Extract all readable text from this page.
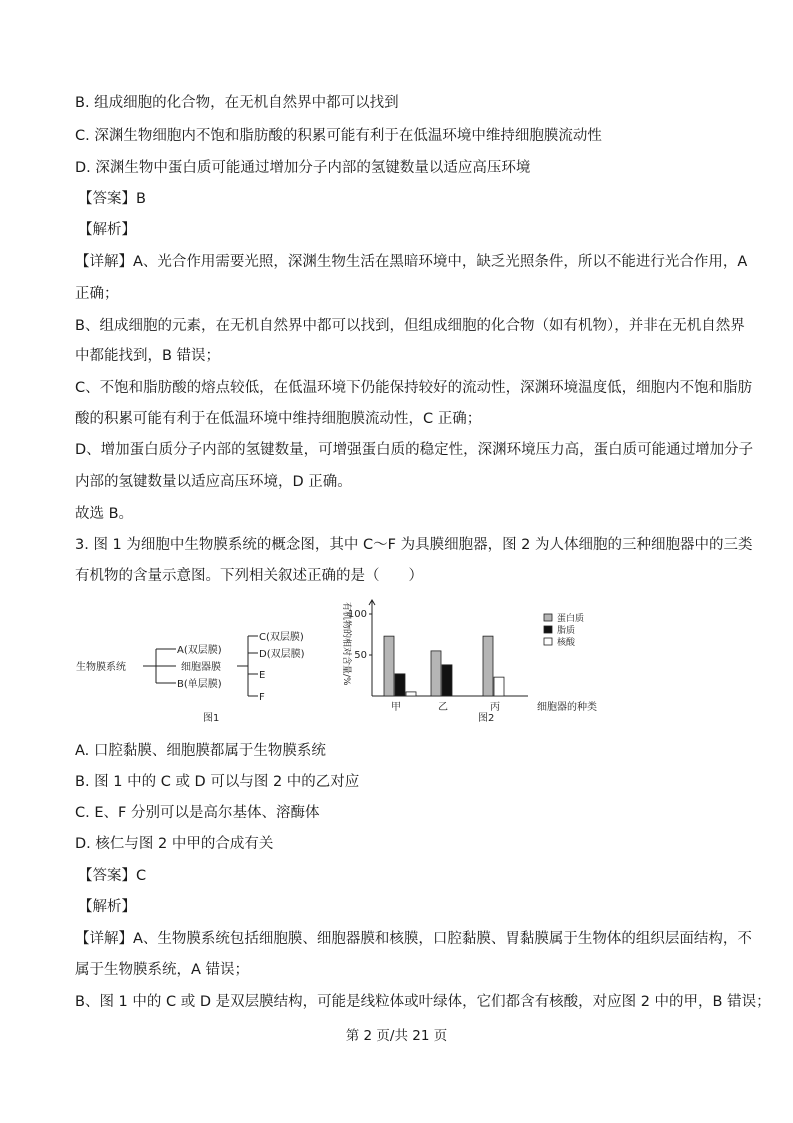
B. 组成细胞的化合物，在无机自然界中都可以找到
C. 深渊生物细胞内不饱和脂肪酸的积累可能有利于在低温环境中维持细胞膜流动性
D. 深渊生物中蛋白质可能通过增加分子内部的氢键数量以适应高压环境
【答案】B
【解析】
【详解】A、光合作用需要光照，深渊生物生活在黑暗环境中，缺乏光照条件，所以不能进行光合作用，A
正确；
B、组成细胞的元素，在无机自然界中都可以找到，但组成细胞的化合物（如有机物），并非在无机自然界
中都能找到，B 错误；
C、不饱和脂肪酸的熔点较低，在低温环境下仍能保持较好的流动性，深渊环境温度低，细胞内不饱和脂肪
酸的积累可能有利于在低温环境中维持细胞膜流动性，C 正确；
D、增加蛋白质分子内部的氢键数量，可增强蛋白质的稳定性，深渊环境压力高，蛋白质可能通过增加分子
内部的氢键数量以适应高压环境，D 正确。
故选 B。
3. 图 1 为细胞中生物膜系统的概念图，其中 C～F 为具膜细胞器，图 2 为人体细胞的三种细胞器中的三类
有机物的含量示意图。下列相关叙述正确的是（　　）
生物膜系统
A(双层膜)
细胞器膜
B(单层膜)
C(双层膜)
D(双层膜)
E
F
图1
50
100
甲	乙	丙
蛋白质
脂质
核酸
有机物的相对含量/%
细胞器的种类
图2
A. 口腔黏膜、细胞膜都属于生物膜系统
B. 图 1 中的 C 或 D 可以与图 2 中的乙对应
C. E、F 分别可以是高尔基体、溶酶体
D. 核仁与图 2 中甲的合成有关
【答案】C
【解析】
【详解】A、生物膜系统包括细胞膜、细胞器膜和核膜，口腔黏膜、胃黏膜属于生物体的组织层面结构，不
属于生物膜系统，A 错误；
B、图 1 中的 C 或 D 是双层膜结构，可能是线粒体或叶绿体，它们都含有核酸，对应图 2 中的甲，B 错误；
第 2 页/共 21 页
